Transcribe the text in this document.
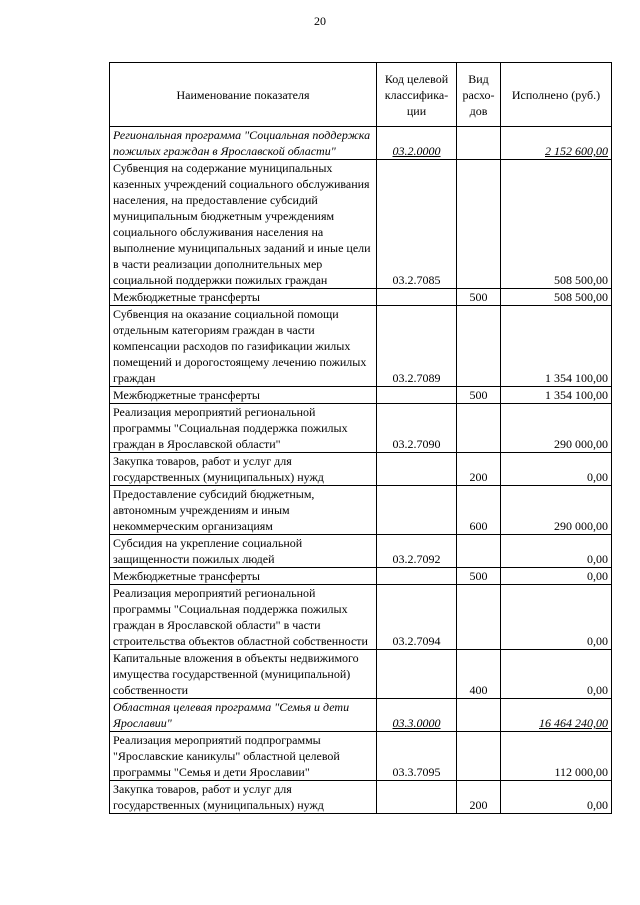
20
Наименование показателя	Код целевой классифика-ции	Вид расхо-дов	Исполнено (руб.)
Региональная программа "Социальная поддержка пожилых граждан в Ярославской области"	03.2.0000		2 152 600,00
Субвенция на содержание муниципальных казенных учреждений социального обслуживания населения, на предоставление субсидий муниципальным бюджетным учреждениям социального обслуживания населения на выполнение муниципальных заданий и иные цели в части реализации дополнительных мер социальной поддержки пожилых граждан	03.2.7085		508 500,00
Межбюджетные трансферты		500	508 500,00
Субвенция на оказание социальной помощи отдельным категориям граждан в части компенсации расходов по газификации жилых помещений и дорогостоящему лечению пожилых граждан	03.2.7089		1 354 100,00
Межбюджетные трансферты		500	1 354 100,00
Реализация мероприятий региональной программы "Социальная поддержка пожилых граждан в Ярославской области"	03.2.7090		290 000,00
Закупка товаров, работ и услуг для государственных (муниципальных) нужд		200	0,00
Предоставление субсидий бюджетным, автономным учреждениям и иным некоммерческим организациям		600	290 000,00
Субсидия на укрепление социальной защищенности пожилых людей	03.2.7092		0,00
Межбюджетные трансферты		500	0,00
Реализация мероприятий региональной программы "Социальная поддержка пожилых граждан в Ярославской области" в части строительства объектов областной собственности	03.2.7094		0,00
Капитальные вложения в объекты недвижимого имущества государственной (муниципальной) собственности		400	0,00
Областная целевая программа "Семья и дети Ярославии"	03.3.0000		16 464 240,00
Реализация мероприятий подпрограммы "Ярославские каникулы" областной целевой программы "Семья и дети Ярославии"	03.3.7095		112 000,00
Закупка товаров, работ и услуг для государственных (муниципальных) нужд		200	0,00
